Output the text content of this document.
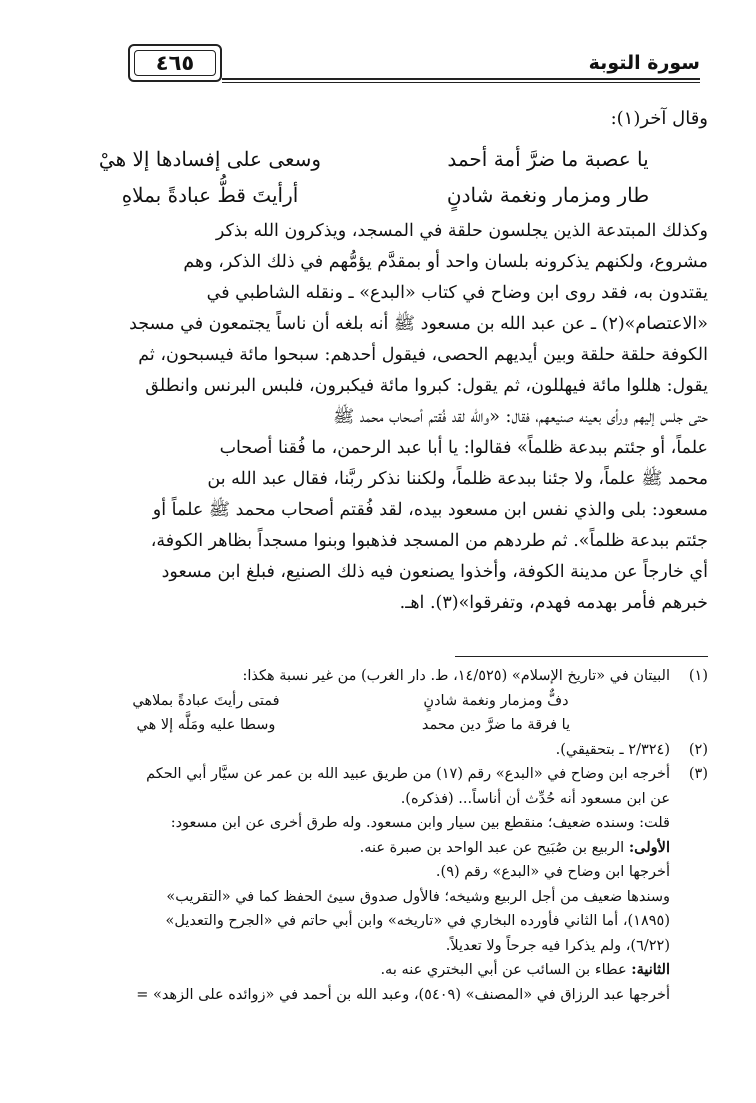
سورة التوبة
٤٦٥
وقال آخر(١):
يا عصبة ما ضرَّ أمة أحمد
وسعى على إفسادها إلا هيْ
طار ومزمار ونغمة شادنٍ
أرأيتَ قطُّ عبادةً بملاهِ
وكذلك المبتدعة الذين يجلسون حلقة في المسجد، ويذكرون الله بذكر
مشروع، ولكنهم يذكرونه بلسان واحد أو بمقدَّم يؤمُّهم في ذلك الذكر، وهم
يقتدون به، فقد روى ابن وضاح في كتاب «البدع» ـ ونقله الشاطبي في
«الاعتصام»(٢) ـ عن عبد الله بن مسعود ﷺ أنه بلغه أن ناساً يجتمعون في مسجد
الكوفة حلقة حلقة وبين أيديهم الحصى، فيقول أحدهم: سبحوا مائة فيسبحون، ثم
يقول: هللوا مائة فيهللون، ثم يقول: كبروا مائة فيكبرون، فلبس البرنس وانطلق
حتى جلس إليهم ورأى بعينه صنيعهم، فقال: «والله لقد فُقتم أصحاب محمد ﷺ
علماً، أو جئتم ببدعة ظلماً» فقالوا: يا أبا عبد الرحمن، ما فُقنا أصحاب
محمد ﷺ علماً، ولا جئنا ببدعة ظلماً، ولكننا نذكر ربَّنا، فقال عبد الله بن
مسعود: بلى والذي نفس ابن مسعود بيده، لقد فُقتم أصحاب محمد ﷺ علماً أو
جئتم ببدعة ظلماً». ثم طردهم من المسجد فذهبوا وبنوا مسجداً بظاهر الكوفة،
أي خارجاً عن مدينة الكوفة، وأخذوا يصنعون فيه ذلك الصنيع، فبلغ ابن مسعود
خبرهم فأمر بهدمه فهدم، وتفرقوا»(٣). اهـ.
(١)
البيتان في «تاريخ الإسلام» (١٤/٥٢٥، ط. دار الغرب) من غير نسبة هكذا:
دفٌّ ومزمار ونغمة شادنٍ
فمتى رأيتَ عبادةً بملاهي
يا فرقة ما ضرَّ دين محمد
وسطا عليه ومَلَّه إلا هي
(٢)
(٢/٣٢٤ ـ بتحقيقي).
(٣)
أخرجه ابن وضاح في «البدع» رقم (١٧) من طريق عبيد الله بن عمر عن سيَّار أبي الحكم
عن ابن مسعود أنه حُدِّث أن أناساً... (فذكره).
قلت: وسنده ضعيف؛ منقطع بين سيار وابن مسعود. وله طرق أخرى عن ابن مسعود:
الأولى: الربيع بن صُبَيح عن عبد الواحد بن صبرة عنه.
أخرجها ابن وضاح في «البدع» رقم (٩).
وسندها ضعيف من أجل الربيع وشيخه؛ فالأول صدوق سيئ الحفظ كما في «التقريب»
(١٨٩٥)، أما الثاني فأورده البخاري في «تاريخه» وابن أبي حاتم في «الجرح والتعديل»
(٦/٢٢)، ولم يذكرا فيه جرحاً ولا تعديلاً.
الثانية: عطاء بن السائب عن أبي البختري عنه به.
أخرجها عبد الرزاق في «المصنف» (٥٤٠٩)، وعبد الله بن أحمد في «زوائده على الزهد» =
